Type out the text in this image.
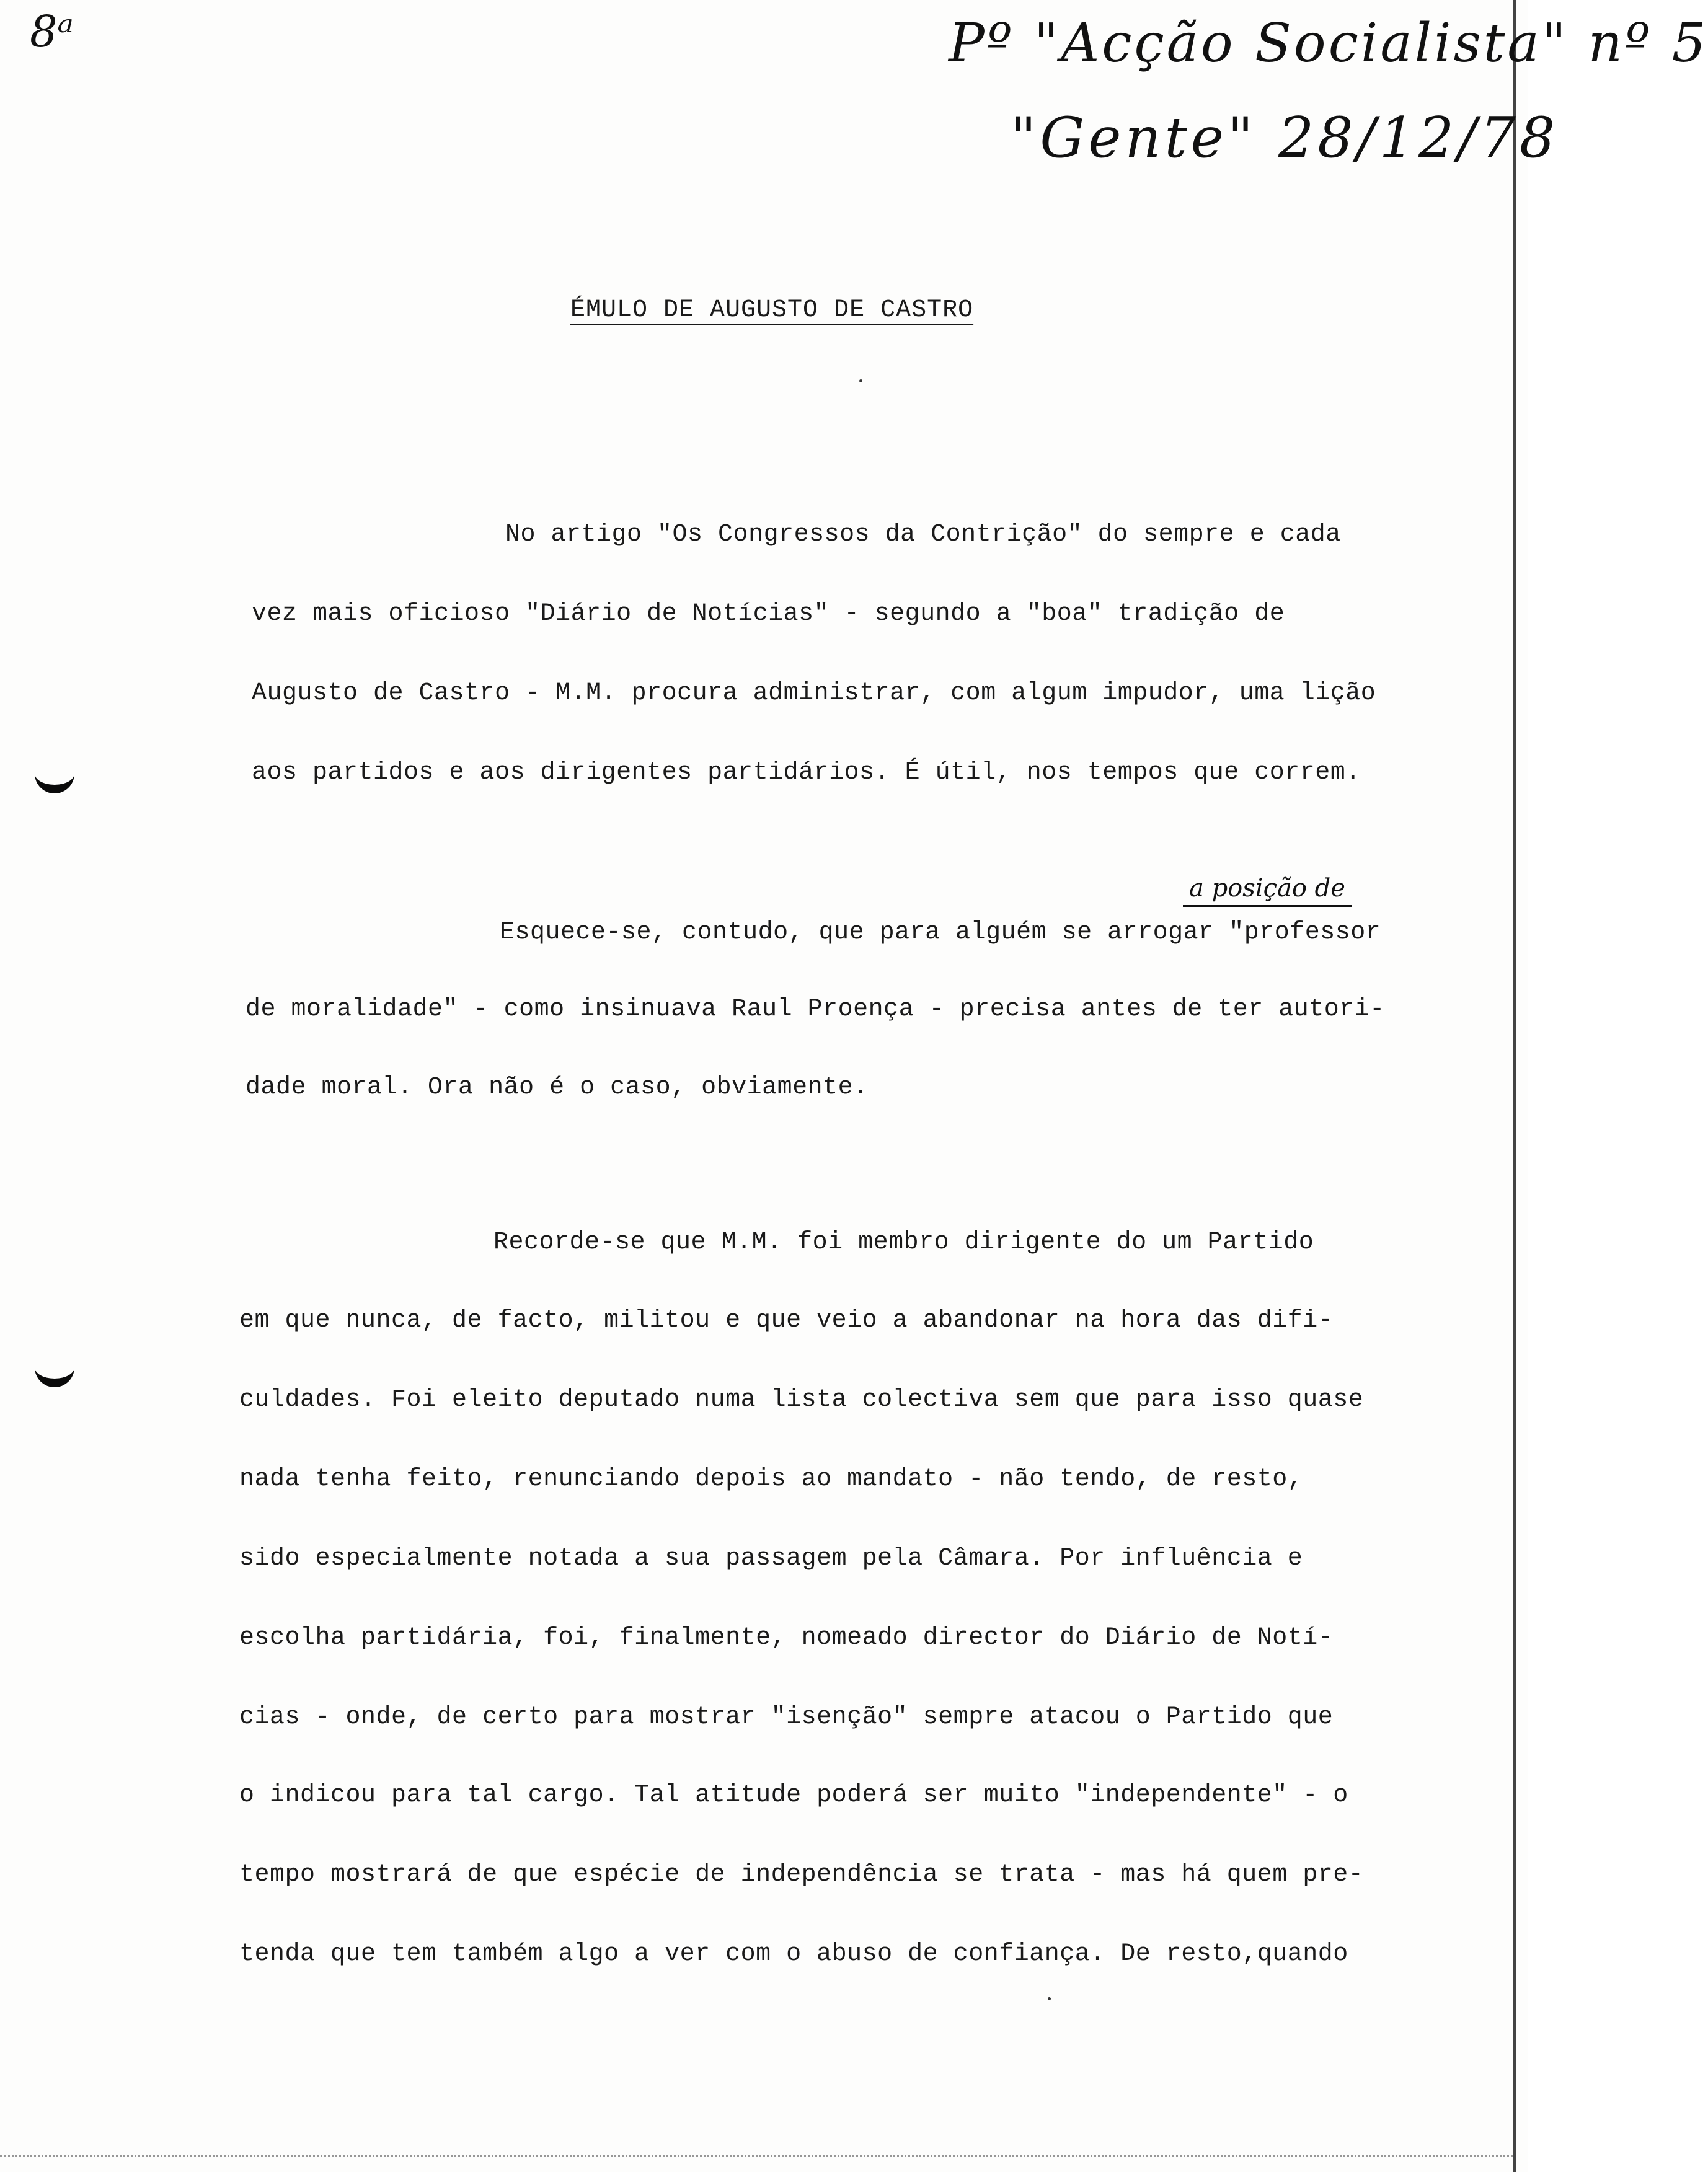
8ᵃ	Pº "Acção Socialista" nº 5
"Gente" 28/12/78
ÉMULO DE AUGUSTO DE CASTRO
No artigo "Os Congressos da Contrição" do sempre e cada
vez mais oficioso "Diário de Notícias" - segundo a "boa" tradição de
Augusto de Castro - M.M. procura administrar, com algum impudor, uma lição
aos partidos e aos dirigentes partidários. É útil, nos tempos que correm.
a posição de
Esquece-se, contudo, que para alguém se arrogar "professor
de moralidade" - como insinuava Raul Proença - precisa antes de ter autori-
dade moral. Ora não é o caso, obviamente.
Recorde-se que M.M. foi membro dirigente do um Partido
em que nunca, de facto, militou e que veio a abandonar na hora das difi-
culdades. Foi eleito deputado numa lista colectiva sem que para isso quase
nada tenha feito, renunciando depois ao mandato - não tendo, de resto,
sido especialmente notada a sua passagem pela Câmara. Por influência e
escolha partidária, foi, finalmente, nomeado director do Diário de Notí-
cias - onde, de certo para mostrar "isenção" sempre atacou o Partido que
o indicou para tal cargo. Tal atitude poderá ser muito "independente" - o
tempo mostrará de que espécie de independência se trata - mas há quem pre-
tenda que tem também algo a ver com o abuso de confiança. De resto,quando
